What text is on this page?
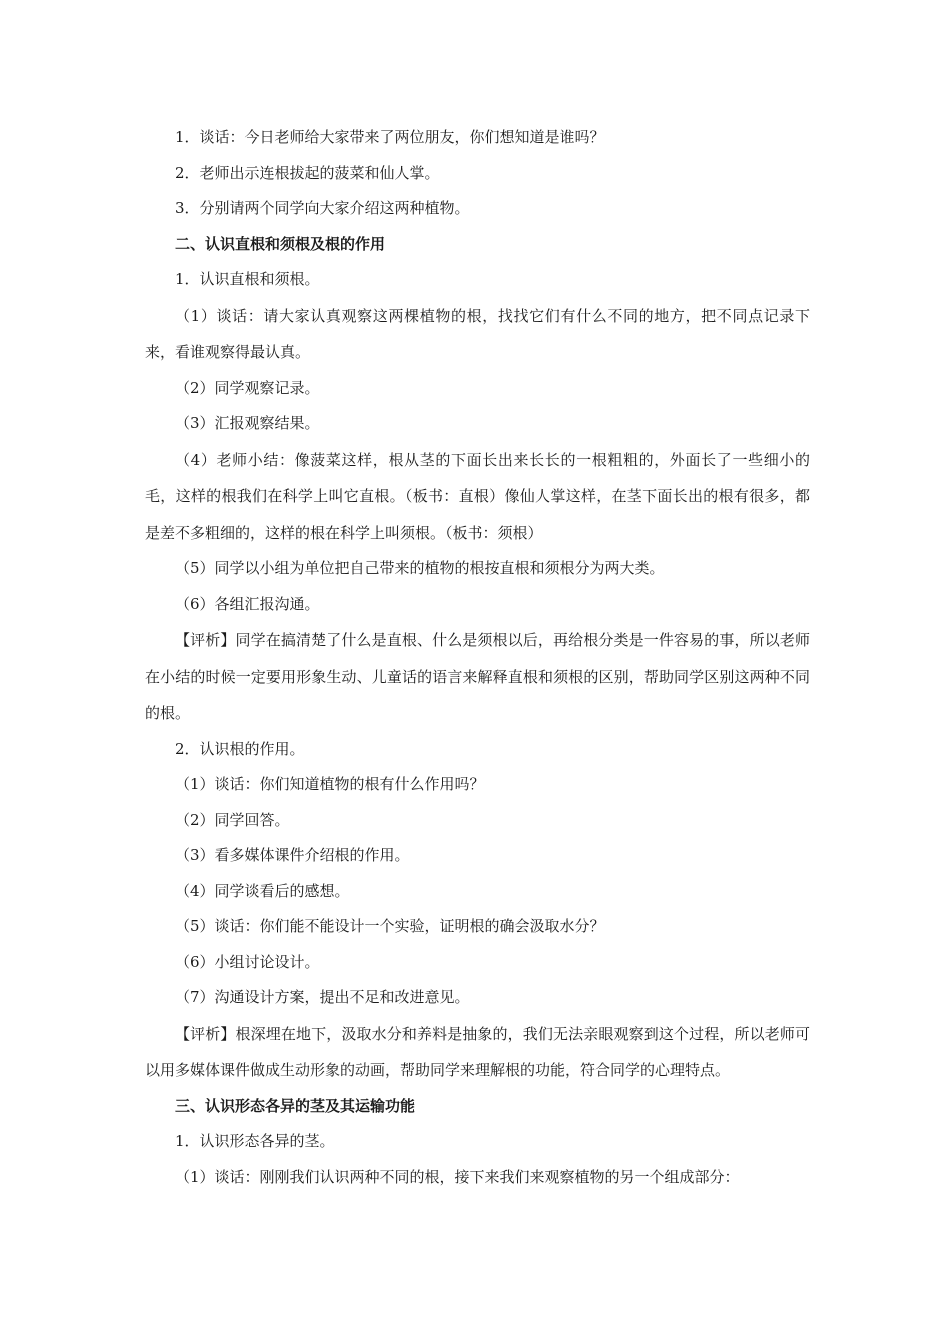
1．谈话：今日老师给大家带来了两位朋友，你们想知道是谁吗？

2．老师出示连根拔起的菠菜和仙人掌。

3．分别请两个同学向大家介绍这两种植物。

二、认识直根和须根及根的作用

1．认识直根和须根。

（1）谈话：请大家认真观察这两棵植物的根，找找它们有什么不同的地方，把不同点记录下来，看谁观察得最认真。

（2）同学观察记录。

（3）汇报观察结果。

（4）老师小结：像菠菜这样，根从茎的下面长出来长长的一根粗粗的，外面长了一些细小的毛，这样的根我们在科学上叫它直根。（板书：直根）像仙人掌这样，在茎下面长出的根有很多，都是差不多粗细的，这样的根在科学上叫须根。（板书：须根）

（5）同学以小组为单位把自己带来的植物的根按直根和须根分为两大类。

（6）各组汇报沟通。

【评析】同学在搞清楚了什么是直根、什么是须根以后，再给根分类是一件容易的事，所以老师在小结的时候一定要用形象生动、儿童话的语言来解释直根和须根的区别，帮助同学区别这两种不同的根。

2．认识根的作用。

（1）谈话：你们知道植物的根有什么作用吗？

（2）同学回答。

（3）看多媒体课件介绍根的作用。

（4）同学谈看后的感想。

（5）谈话：你们能不能设计一个实验，证明根的确会汲取水分？

（6）小组讨论设计。

（7）沟通设计方案，提出不足和改进意见。

【评析】根深埋在地下，汲取水分和养料是抽象的，我们无法亲眼观察到这个过程，所以老师可以用多媒体课件做成生动形象的动画，帮助同学来理解根的功能，符合同学的心理特点。

三、认识形态各异的茎及其运输功能

1．认识形态各异的茎。

（1）谈话：刚刚我们认识两种不同的根，接下来我们来观察植物的另一个组成部分：
